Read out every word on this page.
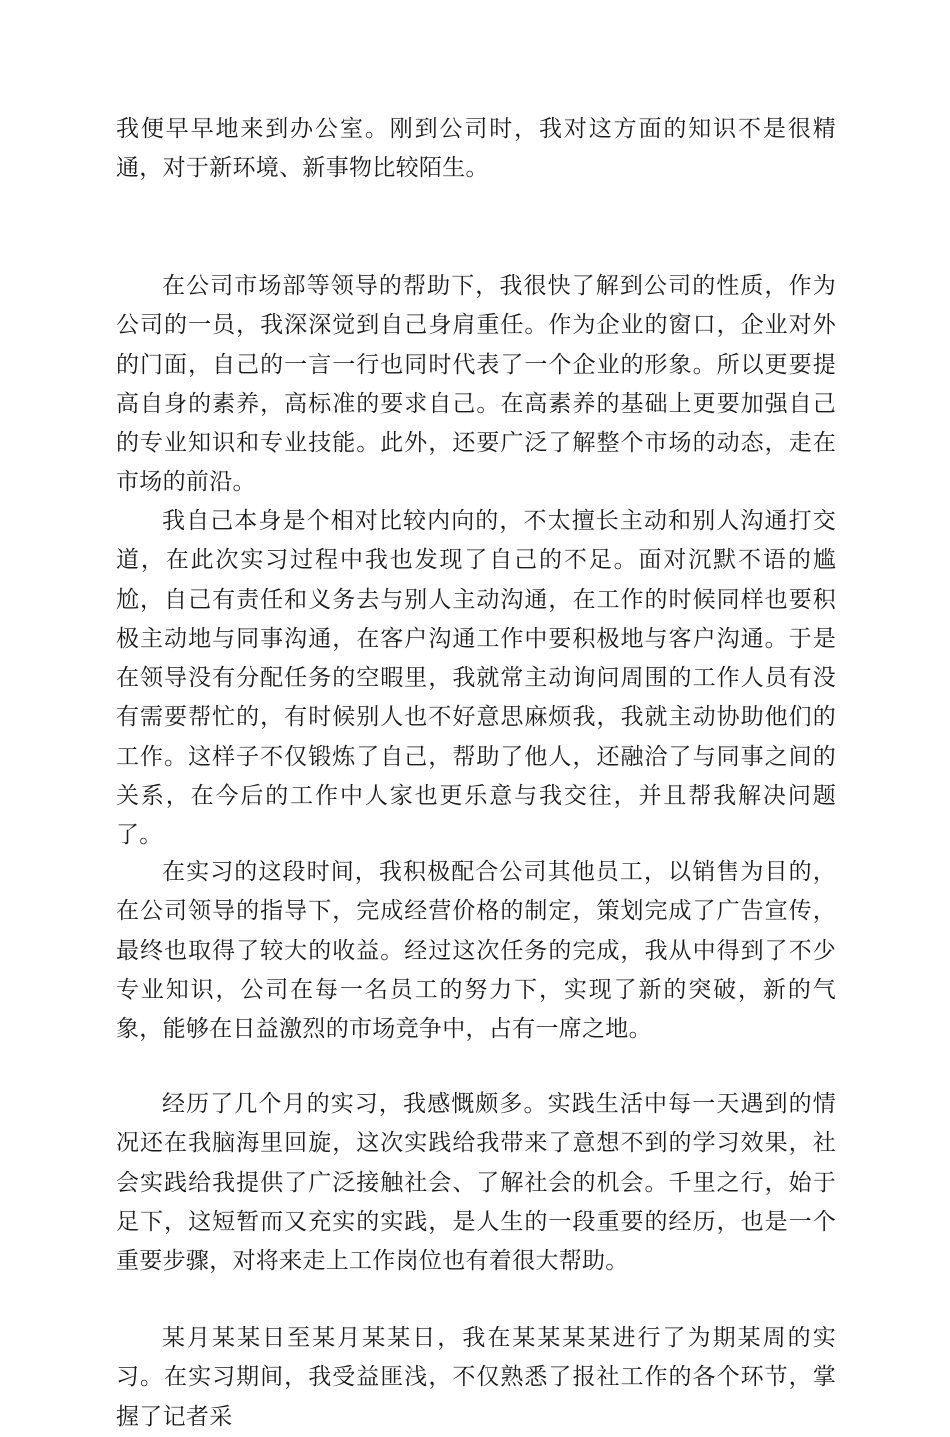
我便早早地来到办公室。刚到公司时，我对这方面的知识不是很精通，对于新环境、新事物比较陌生。

在公司市场部等领导的帮助下，我很快了解到公司的性质，作为公司的一员，我深深觉到自己身肩重任。作为企业的窗口，企业对外的门面，自己的一言一行也同时代表了一个企业的形象。所以更要提高自身的素养，高标准的要求自己。在高素养的基础上更要加强自己的专业知识和专业技能。此外，还要广泛了解整个市场的动态，走在市场的前沿。

我自己本身是个相对比较内向的，不太擅长主动和别人沟通打交道，在此次实习过程中我也发现了自己的不足。面对沉默不语的尴尬，自己有责任和义务去与别人主动沟通，在工作的时候同样也要积极主动地与同事沟通，在客户沟通工作中要积极地与客户沟通。于是在领导没有分配任务的空暇里，我就常主动询问周围的工作人员有没有需要帮忙的，有时候别人也不好意思麻烦我，我就主动协助他们的工作。这样子不仅锻炼了自己，帮助了他人，还融洽了与同事之间的关系，在今后的工作中人家也更乐意与我交往，并且帮我解决问题了。

在实习的这段时间，我积极配合公司其他员工，以销售为目的，在公司领导的指导下，完成经营价格的制定，策划完成了广告宣传，最终也取得了较大的收益。经过这次任务的完成，我从中得到了不少专业知识，公司在每一名员工的努力下，实现了新的突破，新的气象，能够在日益激烈的市场竞争中，占有一席之地。

经历了几个月的实习，我感慨颇多。实践生活中每一天遇到的情况还在我脑海里回旋，这次实践给我带来了意想不到的学习效果，社会实践给我提供了广泛接触社会、了解社会的机会。千里之行，始于足下，这短暂而又充实的实践，是人生的一段重要的经历，也是一个重要步骤，对将来走上工作岗位也有着很大帮助。

某月某某日至某月某某日，我在某某某某进行了为期某周的实习。在实习期间，我受益匪浅，不仅熟悉了报社工作的各个环节，掌握了记者采
